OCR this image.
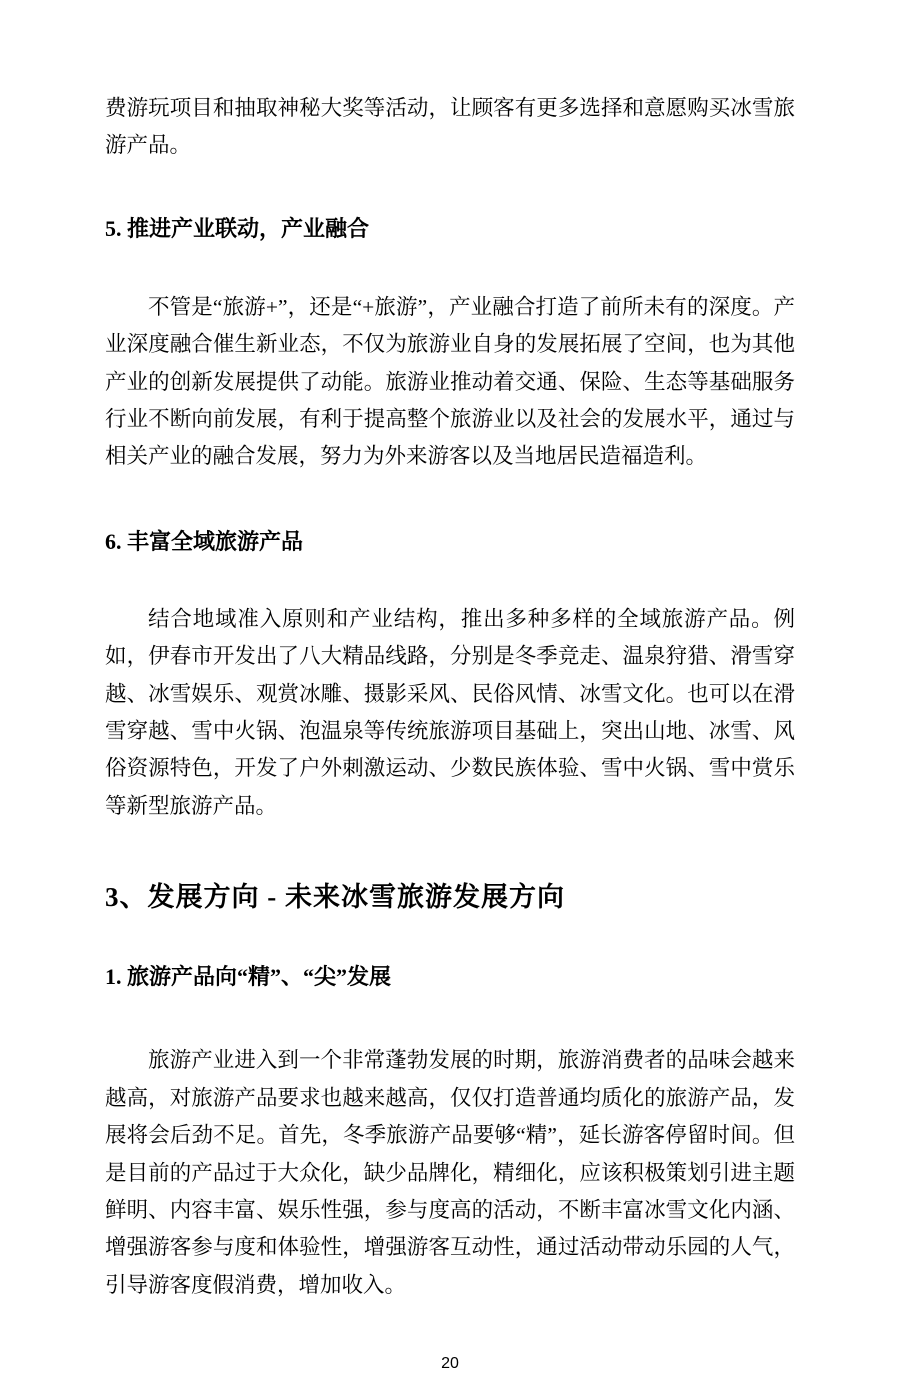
费游玩项目和抽取神秘大奖等活动，让顾客有更多选择和意愿购买冰雪旅游产品。

5. 推进产业联动，产业融合

不管是“旅游+”，还是“+旅游”，产业融合打造了前所未有的深度。产业深度融合催生新业态，不仅为旅游业自身的发展拓展了空间，也为其他产业的创新发展提供了动能。旅游业推动着交通、保险、生态等基础服务行业不断向前发展，有利于提高整个旅游业以及社会的发展水平，通过与相关产业的融合发展，努力为外来游客以及当地居民造福造利。

6. 丰富全域旅游产品

结合地域准入原则和产业结构，推出多种多样的全域旅游产品。例如，伊春市开发出了八大精品线路，分别是冬季竞走、温泉狩猎、滑雪穿越、冰雪娱乐、观赏冰雕、摄影采风、民俗风情、冰雪文化。也可以在滑雪穿越、雪中火锅、泡温泉等传统旅游项目基础上，突出山地、冰雪、风俗资源特色，开发了户外刺激运动、少数民族体验、雪中火锅、雪中赏乐等新型旅游产品。

3、发展方向 - 未来冰雪旅游发展方向
1. 旅游产品向“精”、“尖”发展

旅游产业进入到一个非常蓬勃发展的时期，旅游消费者的品味会越来越高，对旅游产品要求也越来越高，仅仅打造普通均质化的旅游产品，发展将会后劲不足。首先，冬季旅游产品要够“精”，延长游客停留时间。但是目前的产品过于大众化，缺少品牌化，精细化，应该积极策划引进主题鲜明、内容丰富、娱乐性强，参与度高的活动，不断丰富冰雪文化内涵、增强游客参与度和体验性，增强游客互动性，通过活动带动乐园的人气，引导游客度假消费，增加收入。

20
